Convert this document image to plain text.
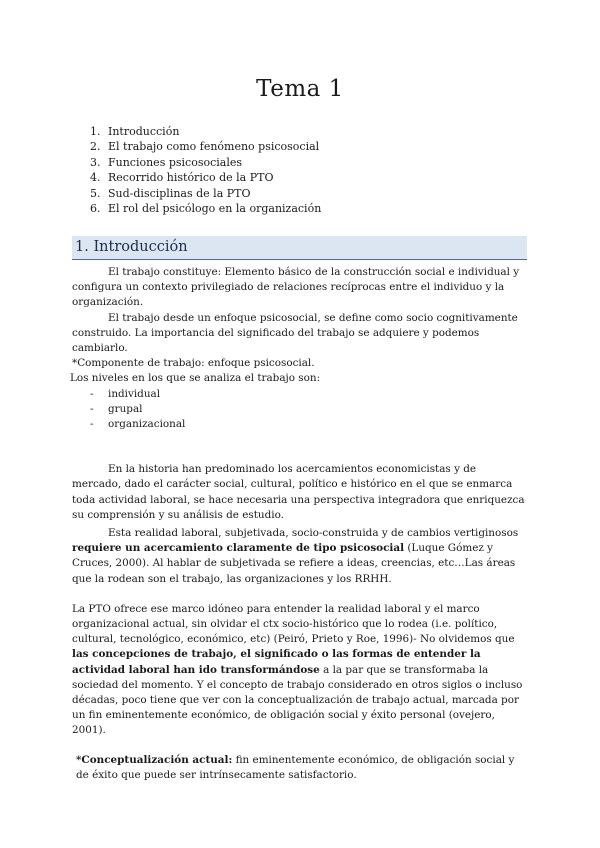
Tema 1
1. Introducción
2. El trabajo como fenómeno psicosocial
3. Funciones psicosociales
4. Recorrido histórico de la PTO
5. Sud-disciplinas de la PTO
6. El rol del psicólogo en la organización
1. Introducción

El trabajo constituye: Elemento básico de la construcción social e individual y configura un contexto privilegiado de relaciones recíprocas entre el individuo y la organización.

El trabajo desde un enfoque psicosocial, se define como socio cognitivamente construido. La importancia del significado del trabajo se adquiere y podemos cambiarlo.

*Componente de trabajo: enfoque psicosocial.

Los niveles en los que se analiza el trabajo son:

-	individual
-	grupal
-	organizacional

En la historia han predominado los acercamientos economicistas y de mercado, dado el carácter social, cultural, político e histórico en el que se enmarca toda actividad laboral, se hace necesaria una perspectiva integradora que enriquezca su comprensión y su análisis de estudio.

Esta realidad laboral, subjetivada, socio-construida y de cambios vertiginosos requiere un acercamiento claramente de tipo psicosocial (Luque Gómez y Cruces, 2000). Al hablar de subjetivada se refiere a ideas, creencias, etc…Las áreas que la rodean son el trabajo, las organizaciones y los RRHH.

La PTO ofrece ese marco idóneo para entender la realidad laboral y el marco organizacional actual, sin olvidar el ctx socio-histórico que lo rodea (i.e. político, cultural, tecnológico, económico, etc) (Peiró, Prieto y Roe, 1996)- No olvidemos que las concepciones de trabajo, el significado o las formas de entender la actividad laboral han ido transformándose a la par que se transformaba la sociedad del momento. Y el concepto de trabajo considerado en otros siglos o incluso décadas, poco tiene que ver con la conceptualización de trabajo actual, marcada por un fin eminentemente económico, de obligación social y éxito personal (ovejero, 2001).

*Conceptualización actual: fin eminentemente económico, de obligación social y de éxito que puede ser intrínsecamente satisfactorio.
